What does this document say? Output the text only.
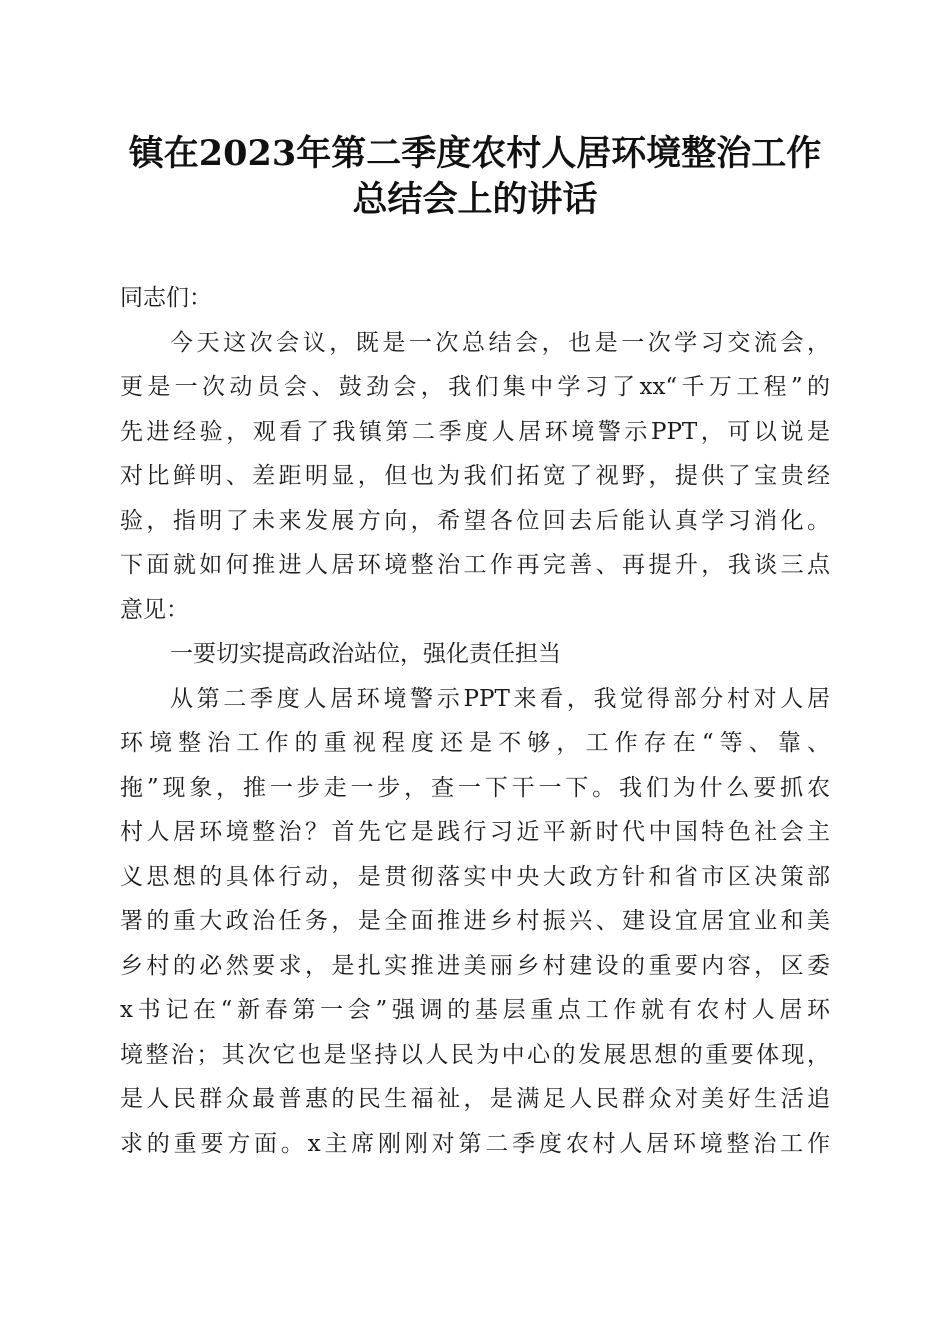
镇在2023年第二季度农村人居环境整治工作
总结会上的讲话
同志们：
今天这次会议，既是一次总结会，也是一次学习交流会，
更是一次动员会、鼓劲会，我们集中学习了xx“千万工程”的
先进经验，观看了我镇第二季度人居环境警示PPT，可以说是
对比鲜明、差距明显，但也为我们拓宽了视野，提供了宝贵经
验，指明了未来发展方向，希望各位回去后能认真学习消化。
下面就如何推进人居环境整治工作再完善、再提升，我谈三点
意见：
一要切实提高政治站位，强化责任担当
从第二季度人居环境警示PPT来看，我觉得部分村对人居
环境整治工作的重视程度还是不够，工作存在“等、靠、
拖”现象，推一步走一步，查一下干一下。我们为什么要抓农
村人居环境整治？首先它是践行习近平新时代中国特色社会主
义思想的具体行动，是贯彻落实中央大政方针和省市区决策部
署的重大政治任务，是全面推进乡村振兴、建设宜居宜业和美
乡村的必然要求，是扎实推进美丽乡村建设的重要内容，区委
x书记在“新春第一会”强调的基层重点工作就有农村人居环
境整治；其次它也是坚持以人民为中心的发展思想的重要体现，
是人民群众最普惠的民生福祉，是满足人民群众对美好生活追
求的重要方面。x主席刚刚对第二季度农村人居环境整治工作
